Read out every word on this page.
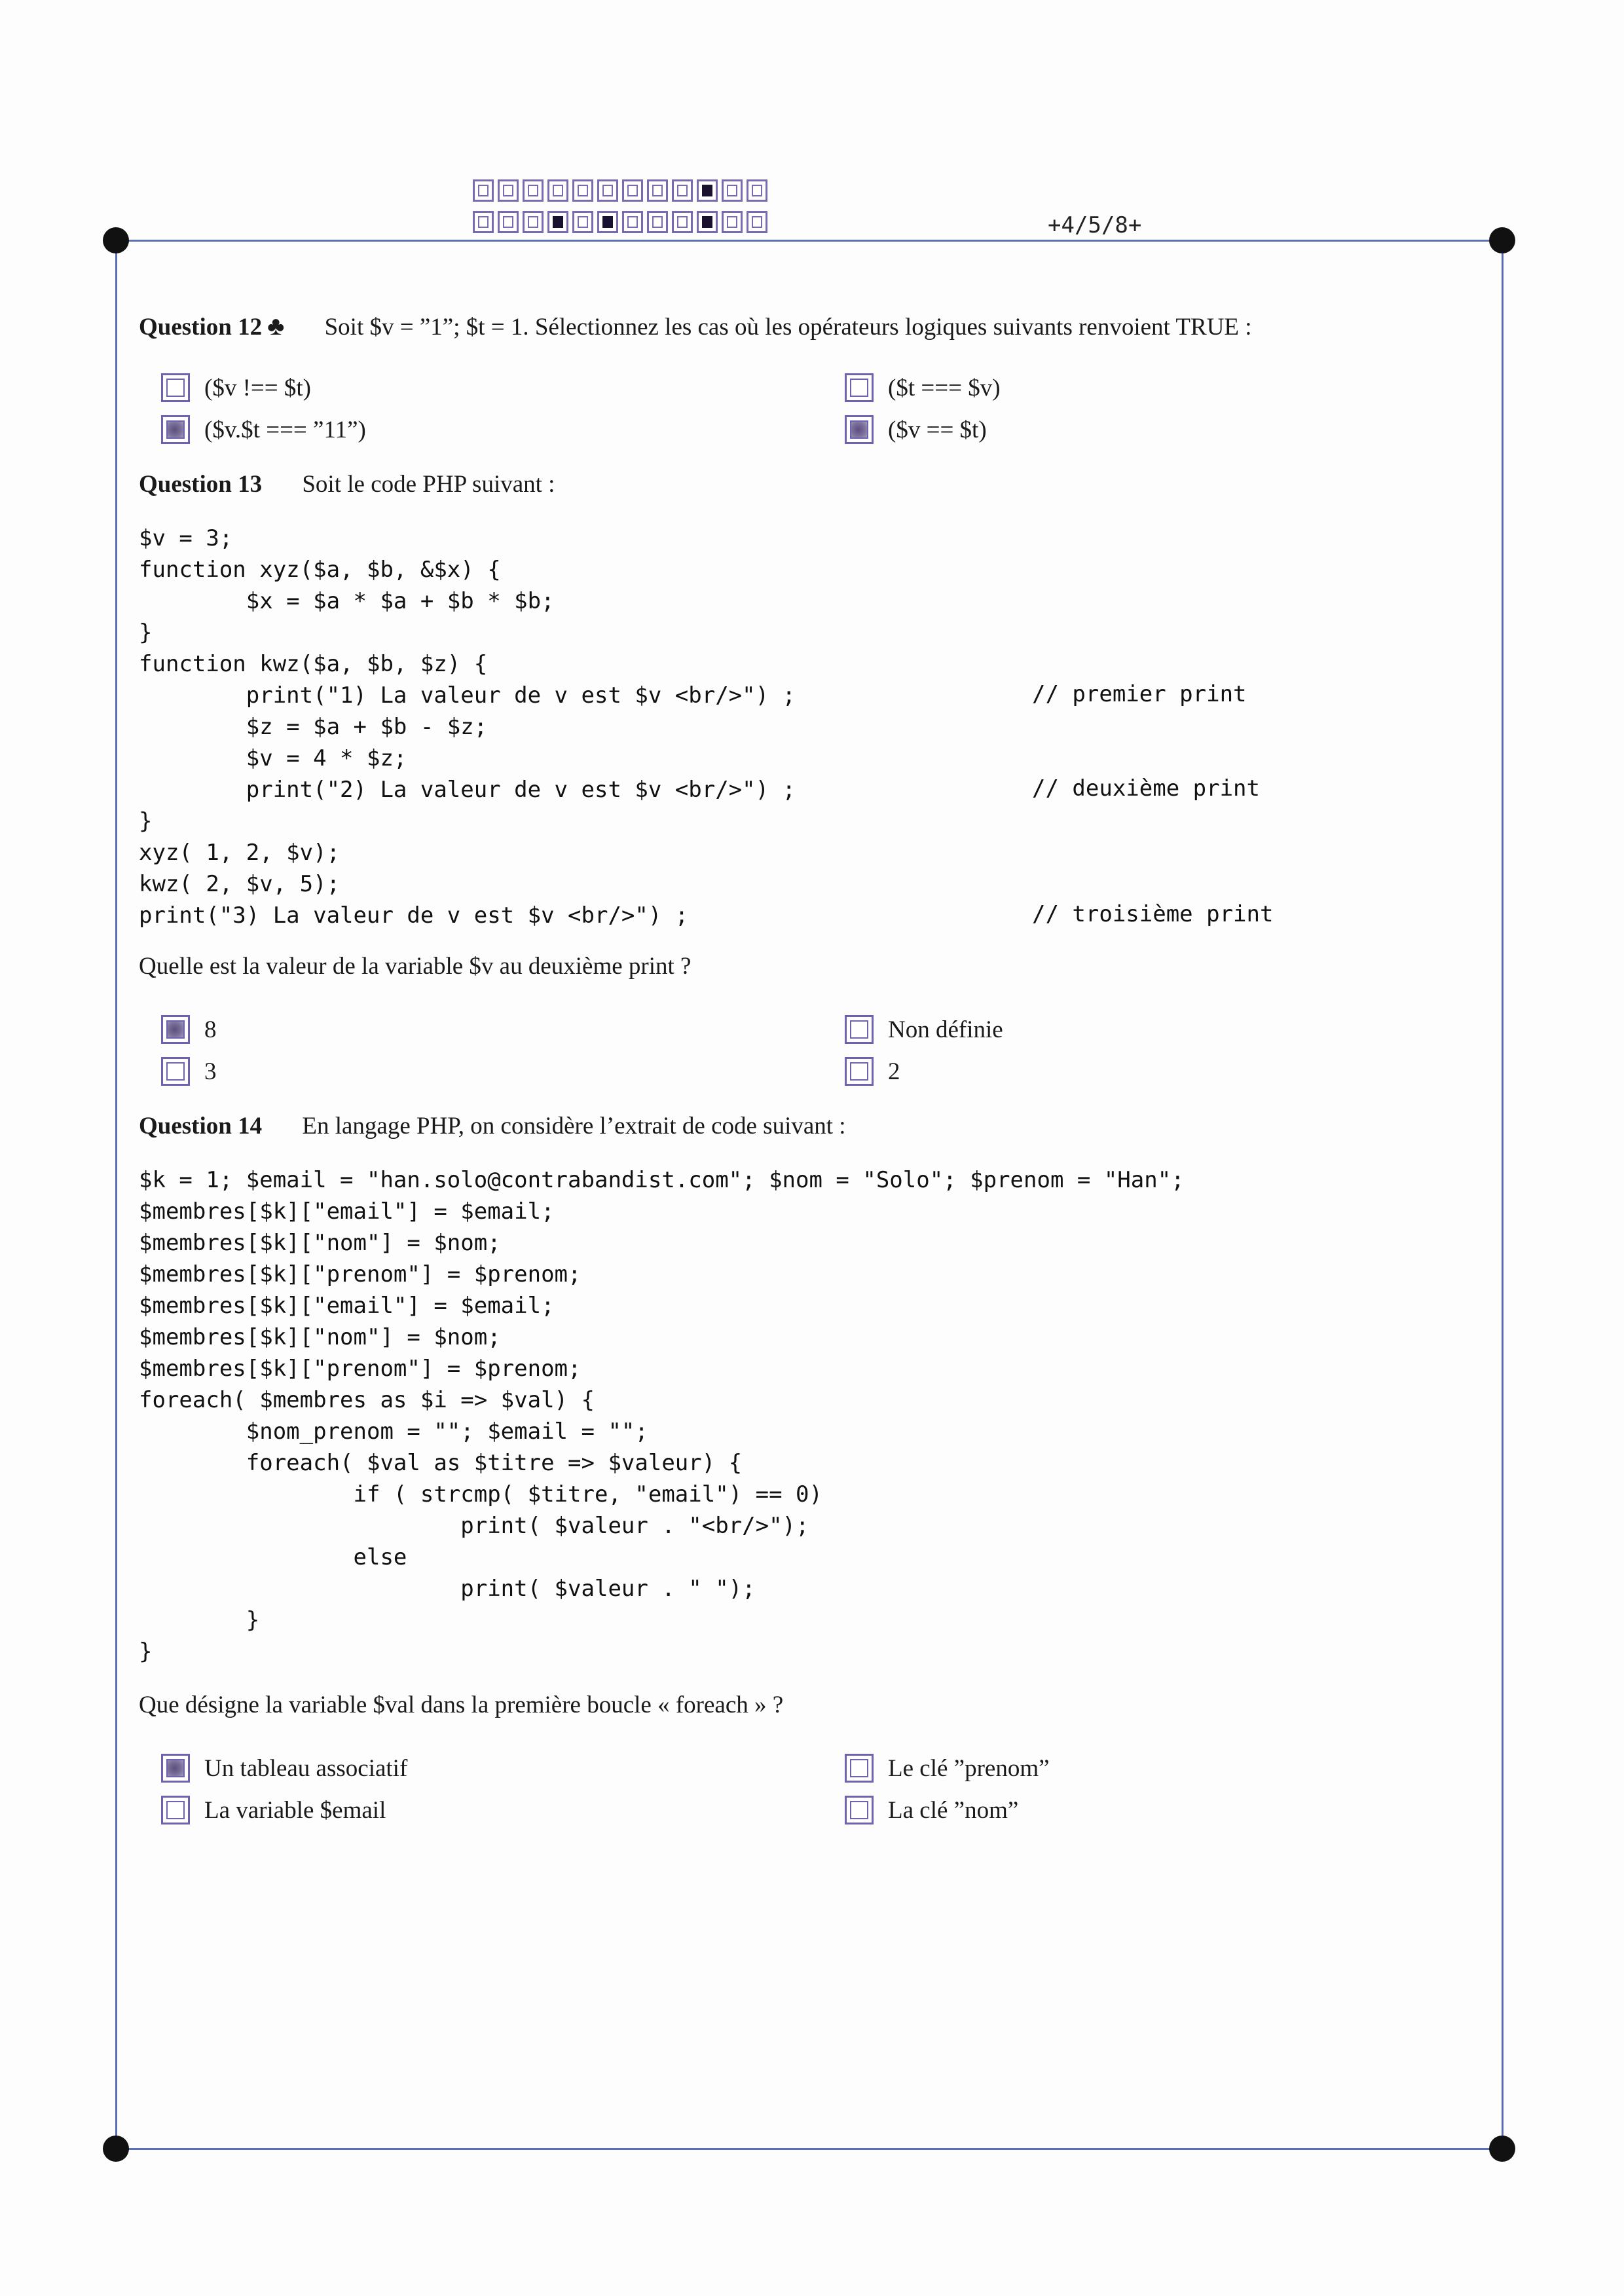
+4/5/8+
Question 12 ♣ Soit $v = ”1”; $t = 1. Sélectionnez les cas où les opérateurs logiques suivants renvoient TRUE :
($v !== $t)	($t === $v)
($v.$t === ”11”)	($v == $t)
Question 13 Soit le code PHP suivant :
$v = 3;
function xyz($a, $b, &$x) {
$x = $a * $a + $b * $b;
}
function kwz($a, $b, $z) {
print("1) La valeur de v est $v <br/>") ;
$z = $a + $b - $z;
$v = 4 * $z;
print("2) La valeur de v est $v <br/>") ;
}
xyz( 1, 2, $v);
kwz( 2, $v, 5);
print("3) La valeur de v est $v <br/>") ;
// premier print
// deuxième print
// troisième print
Quelle est la valeur de la variable $v au deuxième print ?
8	Non définie
3	2
Question 14 En langage PHP, on considère l’extrait de code suivant :
$k = 1; $email = "han.solo@contrabandist.com"; $nom = "Solo"; $prenom = "Han";
$membres[$k]["email"] = $email;
$membres[$k]["nom"] = $nom;
$membres[$k]["prenom"] = $prenom;
$membres[$k]["email"] = $email;
$membres[$k]["nom"] = $nom;
$membres[$k]["prenom"] = $prenom;
foreach( $membres as $i => $val) {
$nom_prenom = ""; $email = "";
foreach( $val as $titre => $valeur) {
if ( strcmp( $titre, "email") == 0)
print( $valeur . "<br/>");
else
print( $valeur . " ");
}
}
Que désigne la variable $val dans la première boucle « foreach » ?
Un tableau associatif	Le clé ”prenom”
La variable $email	La clé ”nom”
